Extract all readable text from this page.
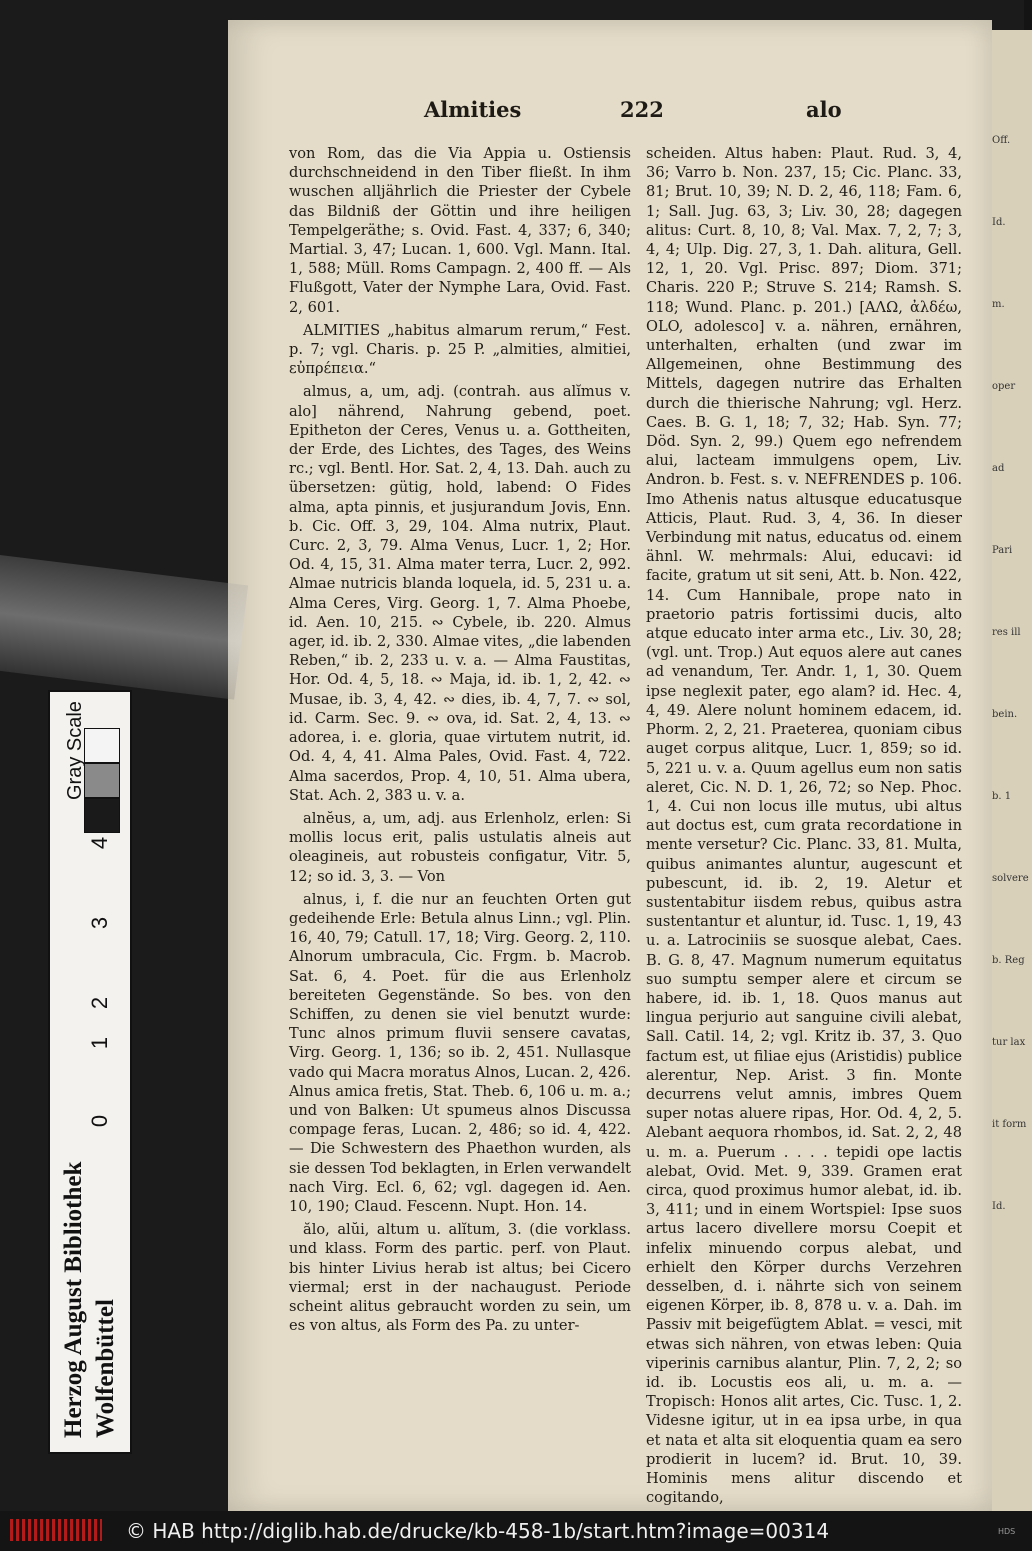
Off.
Id.
m.
oper
ad
Pari
res ill
bein.
b. 1
solvere
b. Reg
tur lax
it form
Id.
Almities	222	alo

von Rom, das die Via Appia u. Ostiensis durchschneidend in den Tiber fließt. In ihm wuschen alljährlich die Priester der Cybele das Bildniß der Göttin und ihre heiligen Tempelgeräthe; s. Ovid. Fast. 4, 337; 6, 340; Martial. 3, 47; Lucan. 1, 600. Vgl. Mann. Ital. 1, 588; Müll. Roms Campagn. 2, 400 ff. — Als Flußgott, Vater der Nymphe Lara, Ovid. Fast. 2, 601.

ALMITIES „habitus almarum rerum,“ Fest. p. 7; vgl. Charis. p. 25 P. „almities, almitiei, εὐπρέπεια.“

almus, a, um, adj. (contrah. aus alĭmus v. alo] nährend, Nahrung gebend, poet. Epitheton der Ceres, Venus u. a. Gottheiten, der Erde, des Lichtes, des Tages, des Weins rc.; vgl. Bentl. Hor. Sat. 2, 4, 13. Dah. auch zu übersetzen: gütig, hold, labend: O Fides alma, apta pinnis, et jusjurandum Jovis, Enn. b. Cic. Off. 3, 29, 104. Alma nutrix, Plaut. Curc. 2, 3, 79. Alma Venus, Lucr. 1, 2; Hor. Od. 4, 15, 31. Alma mater terra, Lucr. 2, 992. Almae nutricis blanda loquela, id. 5, 231 u. a. Alma Ceres, Virg. Georg. 1, 7. Alma Phoebe, id. Aen. 10, 215. ∾ Cybele, ib. 220. Almus ager, id. ib. 2, 330. Almae vites, „die labenden Reben,“ ib. 2, 233 u. v. a. — Alma Faustitas, Hor. Od. 4, 5, 18. ∾ Maja, id. ib. 1, 2, 42. ∾ Musae, ib. 3, 4, 42. ∾ dies, ib. 4, 7, 7. ∾ sol, id. Carm. Sec. 9. ∾ ova, id. Sat. 2, 4, 13. ∾ adorea, i. e. gloria, quae virtutem nutrit, id. Od. 4, 4, 41. Alma Pales, Ovid. Fast. 4, 722. Alma sacerdos, Prop. 4, 10, 51. Alma ubera, Stat. Ach. 2, 383 u. v. a.

alnĕus, a, um, adj. aus Erlenholz, erlen: Si mollis locus erit, palis ustulatis alneis aut oleagineis, aut robusteis configatur, Vitr. 5, 12; so id. 3, 3. — Von

alnus, i, f. die nur an feuchten Orten gut gedeihende Erle: Betula alnus Linn.; vgl. Plin. 16, 40, 79; Catull. 17, 18; Virg. Georg. 2, 110. Alnorum umbracula, Cic. Frgm. b. Macrob. Sat. 6, 4. Poet. für die aus Erlenholz bereiteten Gegenstände. So bes. von den Schiffen, zu denen sie viel benutzt wurde: Tunc alnos primum fluvii sensere cavatas, Virg. Georg. 1, 136; so ib. 2, 451. Nullasque vado qui Macra moratus Alnos, Lucan. 2, 426. Alnus amica fretis, Stat. Theb. 6, 106 u. m. a.; und von Balken: Ut spumeus alnos Discussa compage feras, Lucan. 2, 486; so id. 4, 422. — Die Schwestern des Phaethon wurden, als sie dessen Tod beklagten, in Erlen verwandelt nach Virg. Ecl. 6, 62; vgl. dagegen id. Aen. 10, 190; Claud. Fescenn. Nupt. Hon. 14.

ălo, alŭi, altum u. alĭtum, 3. (die vorklass. und klass. Form des partic. perf. von Plaut. bis hinter Livius herab ist altus; bei Cicero viermal; erst in der nachaugust. Periode scheint alitus gebraucht worden zu sein, um es von altus, als Form des Pa. zu unter-

scheiden. Altus haben: Plaut. Rud. 3, 4, 36; Varro b. Non. 237, 15; Cic. Planc. 33, 81; Brut. 10, 39; N. D. 2, 46, 118; Fam. 6, 1; Sall. Jug. 63, 3; Liv. 30, 28; dagegen alitus: Curt. 8, 10, 8; Val. Max. 7, 2, 7; 3, 4, 4; Ulp. Dig. 27, 3, 1. Dah. alitura, Gell. 12, 1, 20. Vgl. Prisc. 897; Diom. 371; Charis. 220 P.; Struve S. 214; Ramsh. S. 118; Wund. Planc. p. 201.) [ΑΛΩ, ἀλδέω, OLO, adolesco] v. a. nähren, ernähren, unterhalten, erhalten (und zwar im Allgemeinen, ohne Bestimmung des Mittels, dagegen nutrire das Erhalten durch die thierische Nahrung; vgl. Herz. Caes. B. G. 1, 18; 7, 32; Hab. Syn. 77; Död. Syn. 2, 99.) Quem ego nefrendem alui, lacteam immulgens opem, Liv. Andron. b. Fest. s. v. NEFRENDES p. 106. Imo Athenis natus altusque educatusque Atticis, Plaut. Rud. 3, 4, 36. In dieser Verbindung mit natus, educatus od. einem ähnl. W. mehrmals: Alui, educavi: id facite, gratum ut sit seni, Att. b. Non. 422, 14. Cum Hannibale, prope nato in praetorio patris fortissimi ducis, alto atque educato inter arma etc., Liv. 30, 28; (vgl. unt. Trop.) Aut equos alere aut canes ad venandum, Ter. Andr. 1, 1, 30. Quem ipse neglexit pater, ego alam? id. Hec. 4, 4, 49. Alere nolunt hominem edacem, id. Phorm. 2, 2, 21. Praeterea, quoniam cibus auget corpus alitque, Lucr. 1, 859; so id. 5, 221 u. v. a. Quum agellus eum non satis aleret, Cic. N. D. 1, 26, 72; so Nep. Phoc. 1, 4. Cui non locus ille mutus, ubi altus aut doctus est, cum grata recordatione in mente versetur? Cic. Planc. 33, 81. Multa, quibus animantes aluntur, augescunt et pubescunt, id. ib. 2, 19. Aletur et sustentabitur iisdem rebus, quibus astra sustentantur et aluntur, id. Tusc. 1, 19, 43 u. a. Latrociniis se suosque alebat, Caes. B. G. 8, 47. Magnum numerum equitatus suo sumptu semper alere et circum se habere, id. ib. 1, 18. Quos manus aut lingua perjurio aut sanguine civili alebat, Sall. Catil. 14, 2; vgl. Kritz ib. 37, 3. Quo factum est, ut filiae ejus (Aristidis) publice alerentur, Nep. Arist. 3 fin. Monte decurrens velut amnis, imbres Quem super notas aluere ripas, Hor. Od. 4, 2, 5. Alebant aequora rhombos, id. Sat. 2, 2, 48 u. m. a. Puerum . . . . tepidi ope lactis alebat, Ovid. Met. 9, 339. Gramen erat circa, quod proximus humor alebat, id. ib. 3, 411; und in einem Wortspiel: Ipse suos artus lacero divellere morsu Coepit et infelix minuendo corpus alebat, und erhielt den Körper durchs Verzehren desselben, d. i. nährte sich von seinem eigenen Körper, ib. 8, 878 u. v. a. Dah. im Passiv mit beigefügtem Ablat. = vesci, mit etwas sich nähren, von etwas leben: Quia viperinis carnibus alantur, Plin. 7, 2, 2; so id. ib. Locustis eos ali, u. m. a. — Tropisch: Honos alit artes, Cic. Tusc. 1, 2. Videsne igitur, ut in ea ipsa urbe, in qua et nata et alta sit eloquentia quam ea sero prodierit in lucem? id. Brut. 10, 39. Hominis mens alitur discendo et cogitando,

Herzog August Bibliothek Wolfenbüttel
Gray Scale
4
3
2
1
0
© HAB http://diglib.hab.de/drucke/kb-458-1b/start.htm?image=00314	HDS
